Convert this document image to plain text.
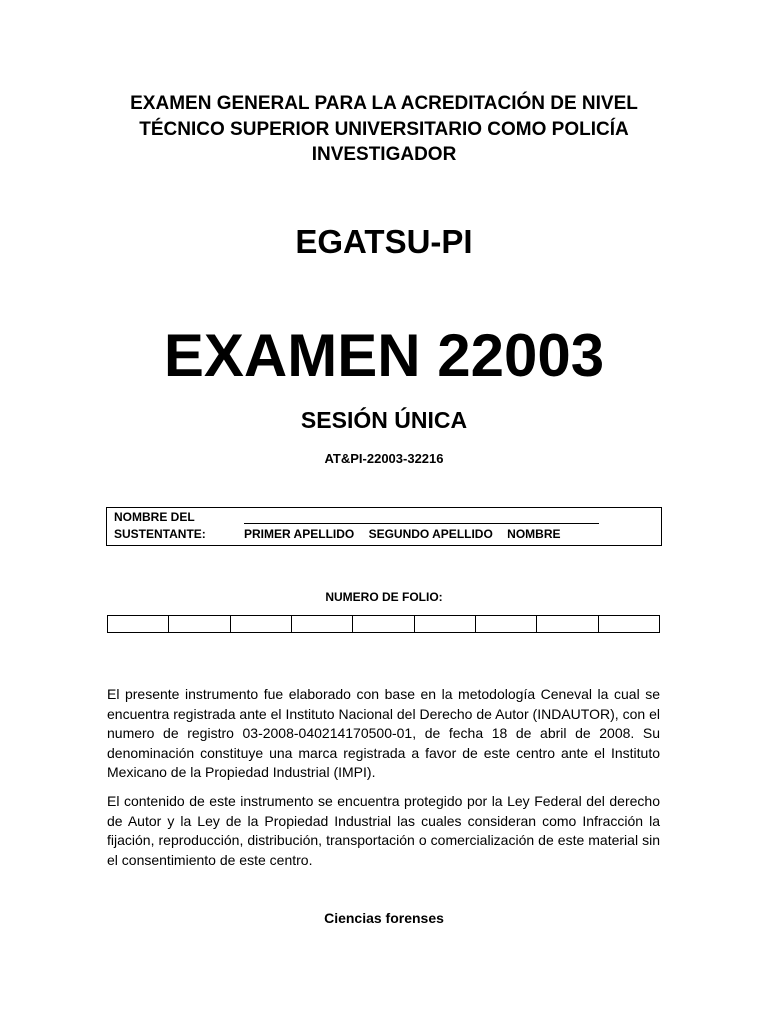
EXAMEN GENERAL PARA LA ACREDITACIÓN DE NIVEL
TÉCNICO SUPERIOR UNIVERSITARIO COMO POLICÍA
INVESTIGADOR
EGATSU-PI
EXAMEN 22003
SESIÓN ÚNICA
AT&PI-22003-32216
NOMBRE DEL
SUSTENTANTE:	PRIMER APELLIDO SEGUNDO APELLIDO NOMBRE
NUMERO DE FOLIO:

El presente instrumento fue elaborado con base en la metodología Ceneval la cual se encuentra registrada ante el Instituto Nacional del Derecho de Autor (INDAUTOR), con el numero de registro 03-2008-040214170500-01, de fecha 18 de abril de 2008. Su denominación constituye una marca registrada a favor de este centro ante el Instituto Mexicano de la Propiedad Industrial (IMPI).

El contenido de este instrumento se encuentra protegido por la Ley Federal del derecho de Autor y la Ley de la Propiedad Industrial las cuales consideran como Infracción la fijación, reproducción, distribución, transportación o comercialización de este material sin el consentimiento de este centro.

Ciencias forenses
